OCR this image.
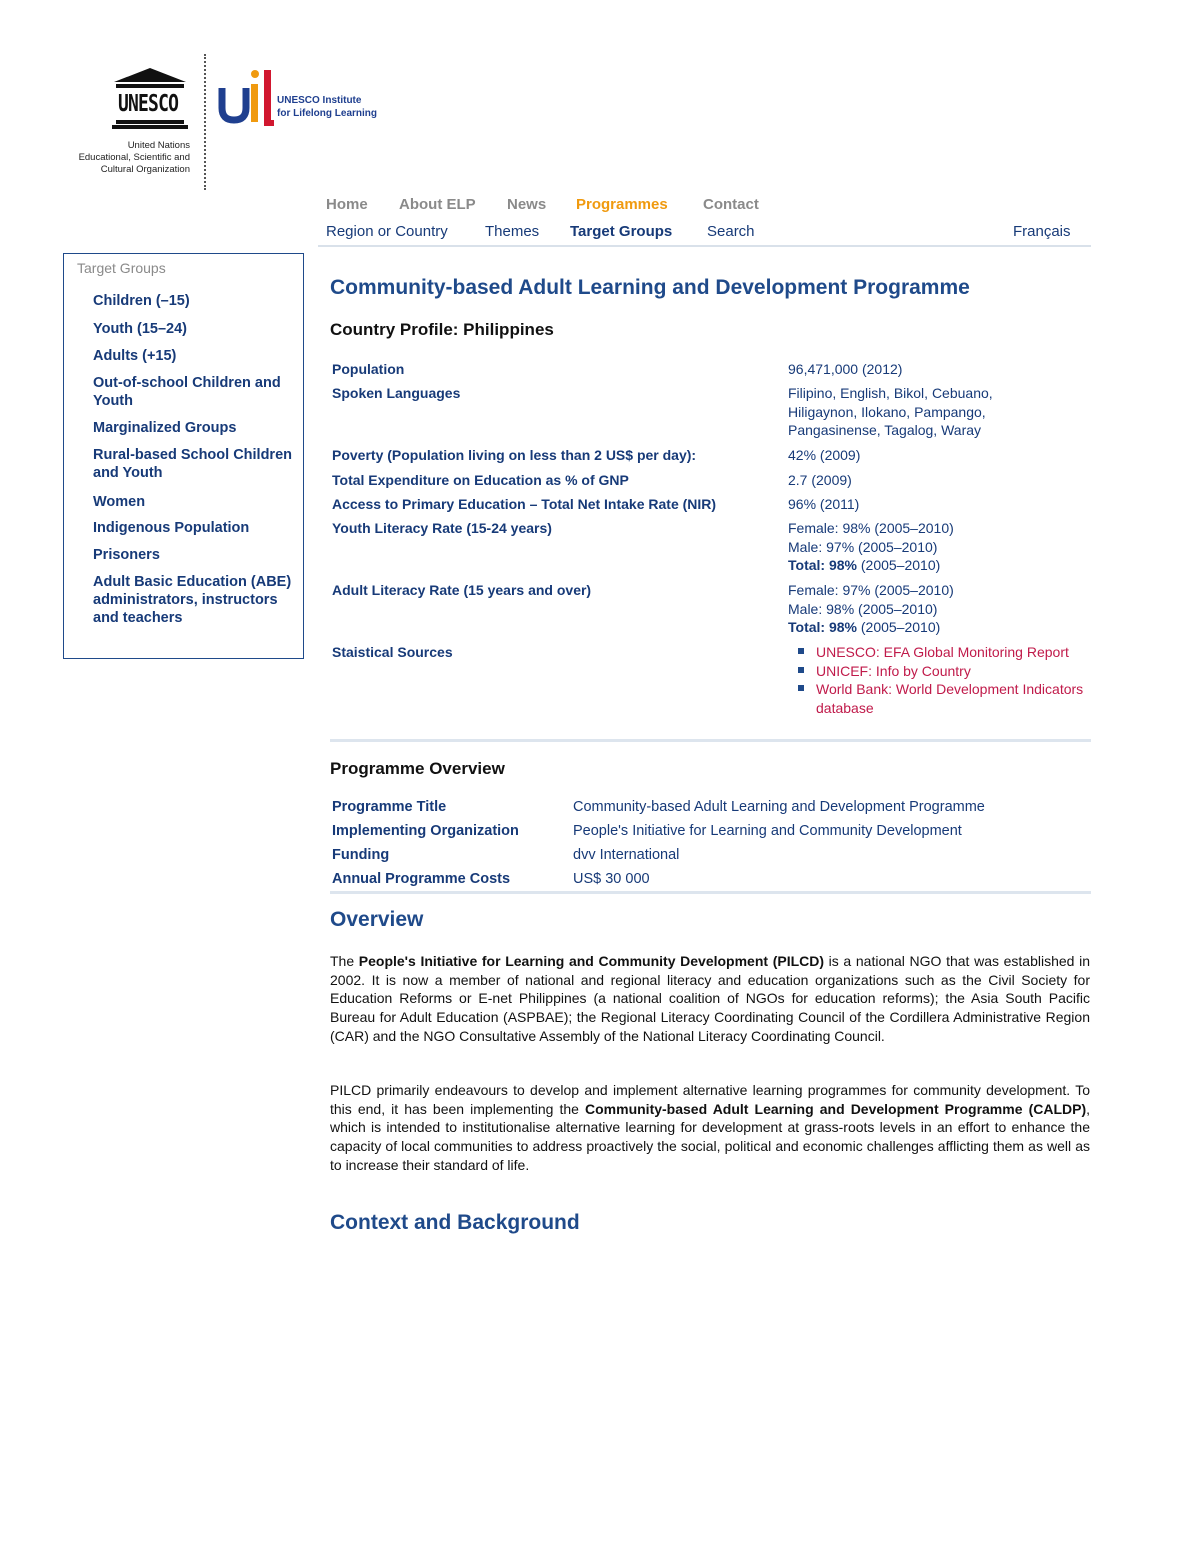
UNESCO
United Nations
Educational, Scientific and
Cultural Organization
UNESCO Institute
for Lifelong Learning
Home About ELP News Programmes Contact
Region or Country Themes Target Groups Search	Français
Target Groups
Children (–15)
Youth (15–24)
Adults (+15)
Out-of-school Children and Youth
Marginalized Groups
Rural-based School Children and Youth
Women
Indigenous Population
Prisoners
Adult Basic Education (ABE) administrators, instructors and teachers
Community-based Adult Learning and Development Programme
Country Profile: Philippines
Population	96,471,000 (2012)
Spoken Languages	Filipino, English, Bikol, Cebuano, Hiligaynon, Ilokano, Pampango, Pangasinense, Tagalog, Waray
Poverty (Population living on less than 2 US$ per day):	42% (2009)
Total Expenditure on Education as % of GNP	2.7 (2009)
Access to Primary Education – Total Net Intake Rate (NIR)	96% (2011)
Youth Literacy Rate (15-24 years)	Female: 98% (2005–2010)
Male: 97% (2005–2010)
Total: 98% (2005–2010)
Adult Literacy Rate (15 years and over)	Female: 97% (2005–2010)
Male: 98% (2005–2010)
Total: 98% (2005–2010)
Staistical Sources	UNESCO: EFA Global Monitoring Report
UNICEF: Info by Country
World Bank: World Development Indicators database
Programme Overview
Programme Title	Community-based Adult Learning and Development Programme
Implementing Organization	People's Initiative for Learning and Community Development
Funding	dvv International
Annual Programme Costs	US$ 30 000
Overview
The People's Initiative for Learning and Community Development (PILCD) is a national NGO that was established in 2002. It is now a member of national and regional literacy and education organizations such as the Civil Society for Education Reforms or E-net Philippines (a national coalition of NGOs for education reforms); the Asia South Pacific Bureau for Adult Education (ASPBAE); the Regional Literacy Coordinating Council of the Cordillera Administrative Region (CAR) and the NGO Consultative Assembly of the National Literacy Coordinating Council.
PILCD primarily endeavours to develop and implement alternative learning programmes for community development. To this end, it has been implementing the Community-based Adult Learning and Development Programme (CALDP), which is intended to institutionalise alternative learning for development at grass-roots levels in an effort to enhance the capacity of local communities to address proactively the social, political and economic challenges afflicting them as well as to increase their standard of life.
Context and Background
